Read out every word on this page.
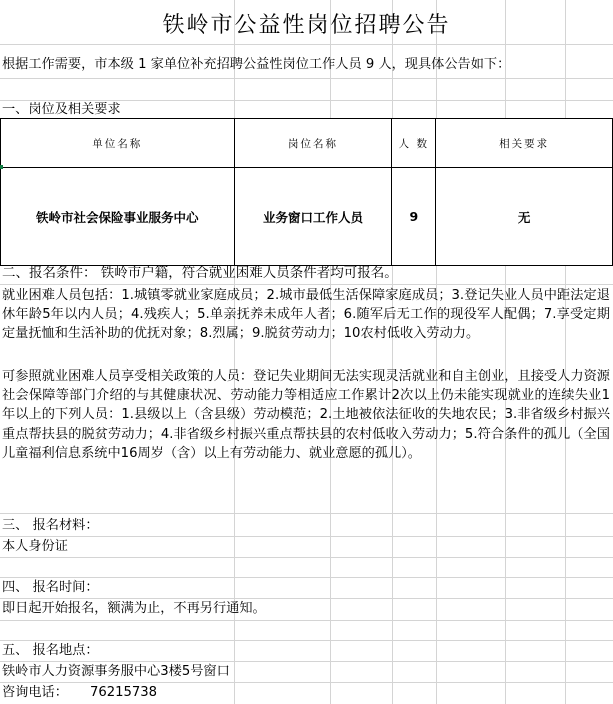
铁岭市公益性岗位招聘公告
根据工作需要，市本级 1 家单位补充招聘公益性岗位工作人员 9 人，现具体公告如下：
一、岗位及相关要求
单位名称	岗位名称	人 数	相关要求
铁岭市社会保险事业服务中心	业务窗口工作人员	9	无
二、报名条件： 铁岭市户籍，符合就业困难人员条件者均可报名。
就业困难人员包括：1.城镇零就业家庭成员；2.城市最低生活保障家庭成员；3.登记失业人员中距法定退休年龄5年以内人员；4.残疾人；5.单亲抚养未成年人者；6.随军后无工作的现役军人配偶；7.享受定期定量抚恤和生活补助的优抚对象；8.烈属；9.脱贫劳动力；10农村低收入劳动力。
可参照就业困难人员享受相关政策的人员：登记失业期间无法实现灵活就业和自主创业，且接受人力资源社会保障等部门介绍的与其健康状况、劳动能力等相适应工作累计2次以上仍未能实现就业的连续失业1年以上的下列人员：1.县级以上（含县级）劳动模范；2.土地被依法征收的失地农民；3.非省级乡村振兴重点帮扶县的脱贫劳动力；4.非省级乡村振兴重点帮扶县的农村低收入劳动力；5.符合条件的孤儿（全国儿童福利信息系统中16周岁（含）以上有劳动能力、就业意愿的孤儿）。
三、 报名材料：
本人身份证
四、 报名时间：
即日起开始报名，额满为止，不再另行通知。
五、 报名地点：
铁岭市人力资源事务服中心3楼5号窗口
咨询电话： 76215738
